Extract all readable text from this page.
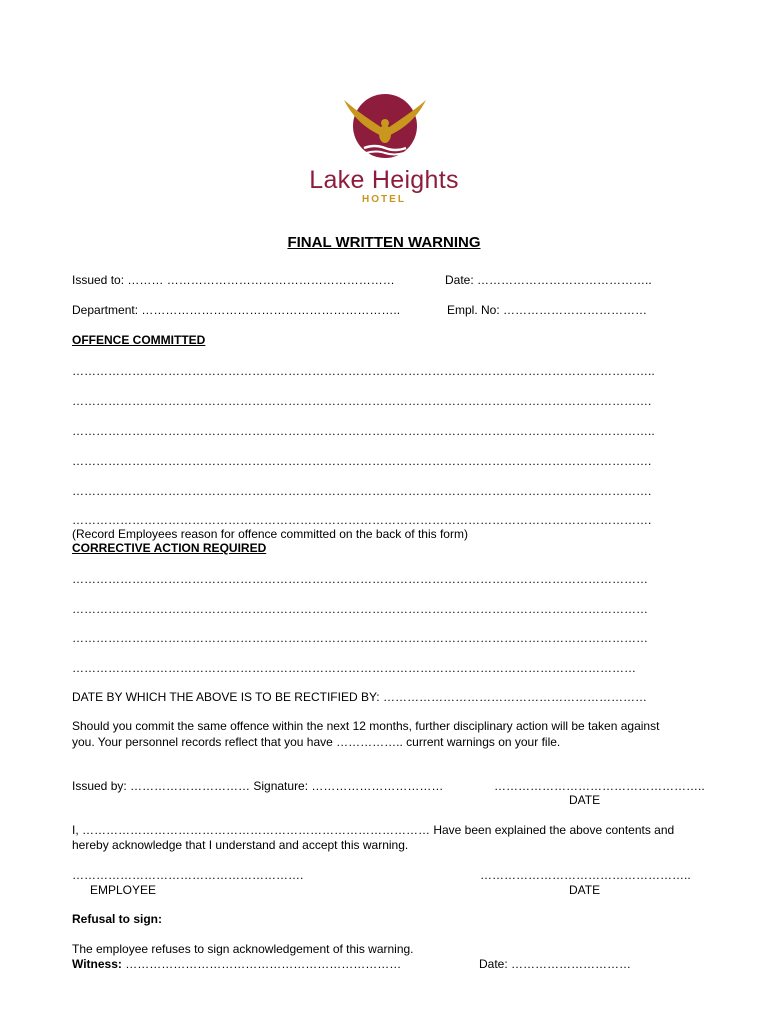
Lake Heights
HOTEL
FINAL WRITTEN WARNING
Issued to: ……… …………………………………………………	Date: ……………………………………..
Department: ………………………………………………………..	Empl. No: ………………………………
OFFENCE COMMITTED
………………………………………………………………………………………………………………………………..
……………………………………………………………………………………………………………………………….
………………………………………………………………………………………………………………………………..
……………………………………………………………………………………………………………………………….
……………………………………………………………………………………………………………………………….
……………………………………………………………………………………………………………………………….
(Record Employees reason for offence committed on the back of this form)
CORRECTIVE ACTION REQUIRED
………………………………………………………………………………………………………………………………
………………………………………………………………………………………………………………………………
………………………………………………………………………………………………………………………………
……………………………………………………………………………………………………………………………
DATE BY WHICH THE ABOVE IS TO BE RECTIFIED BY: …………………………………………………………
Should you commit the same offence within the next 12 months, further disciplinary action will be taken against
you. Your personnel records reflect that you have …………….. current warnings on your file.
Issued by: ………………………… Signature: ……………………………	……………………………………………..
DATE
I, …………………………………………………………………………… Have been explained the above contents and
hereby acknowledge that I understand and accept this warning.
………………………………………………….
EMPLOYEE
……………………………………………..
DATE
Refusal to sign:
The employee refuses to sign acknowledgement of this warning.
Witness: ……………………………………………………………	Date: …………………………
